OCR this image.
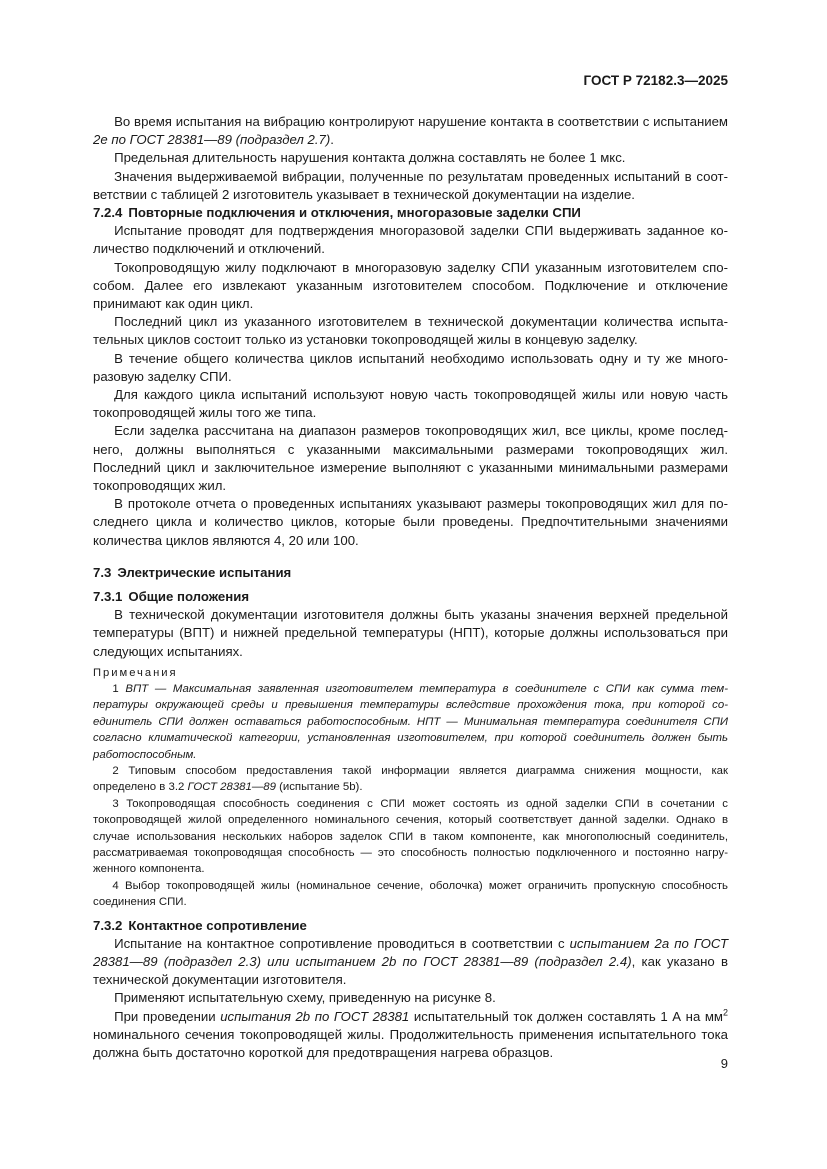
ГОСТ Р 72182.3—2025

Во время испытания на вибрацию контролируют нарушение контакта в соответствии с испытанием 2e по ГОСТ 28381—89 (подраздел 2.7).

Предельная длительность нарушения контакта должна составлять не более 1 мкс.

Значения выдерживаемой вибрации, полученные по результатам проведенных испытаний в соответствии с таблицей 2 изготовитель указывает в технической документации на изделие.

7.2.4 Повторные подключения и отключения, многоразовые заделки СПИ

Испытание проводят для подтверждения многоразовой заделки СПИ выдерживать заданное количество подключений и отключений.

Токопроводящую жилу подключают в многоразовую заделку СПИ указанным изготовителем способом. Далее его извлекают указанным изготовителем способом. Подключение и отключение принимают как один цикл.

Последний цикл из указанного изготовителем в технической документации количества испытательных циклов состоит только из установки токопроводящей жилы в концевую заделку.

В течение общего количества циклов испытаний необходимо использовать одну и ту же многоразовую заделку СПИ.

Для каждого цикла испытаний используют новую часть токопроводящей жилы или новую часть токопроводящей жилы того же типа.

Если заделка рассчитана на диапазон размеров токопроводящих жил, все циклы, кроме последнего, должны выполняться с указанными максимальными размерами токопроводящих жил. Последний цикл и заключительное измерение выполняют с указанными минимальными размерами токопроводящих жил.

В протоколе отчета о проведенных испытаниях указывают размеры токопроводящих жил для последнего цикла и количество циклов, которые были проведены. Предпочтительными значениями количества циклов являются 4, 20 или 100.

7.3 Электрические испытания
7.3.1 Общие положения

В технической документации изготовителя должны быть указаны значения верхней предельной температуры (ВПТ) и нижней предельной температуры (НПТ), которые должны использоваться при следующих испытаниях.

Примечания

1 ВПТ — Максимальная заявленная изготовителем температура в соединителе с СПИ как сумма температуры окружающей среды и превышения температуры вследствие прохождения тока, при которой соединитель СПИ должен оставаться работоспособным. НПТ — Минимальная температура соединителя СПИ согласно климатической категории, установленная изготовителем, при которой соединитель должен быть работоспособным.

2 Типовым способом предоставления такой информации является диаграмма снижения мощности, как определено в 3.2 ГОСТ 28381—89 (испытание 5b).

3 Токопроводящая способность соединения с СПИ может состоять из одной заделки СПИ в сочетании с токопроводящей жилой определенного номинального сечения, который соответствует данной заделки. Однако в случае использования нескольких наборов заделок СПИ в таком компоненте, как многополюсный соединитель, рассматриваемая токопроводящая способность — это способность полностью подключенного и постоянно нагруженного компонента.

4 Выбор токопроводящей жилы (номинальное сечение, оболочка) может ограничить пропускную способность соединения СПИ.

7.3.2 Контактное сопротивление

Испытание на контактное сопротивление проводиться в соответствии с испытанием 2а по ГОСТ 28381—89 (подраздел 2.3) или испытанием 2b по ГОСТ 28381—89 (подраздел 2.4), как указано в технической документации изготовителя.

Применяют испытательную схему, приведенную на рисунке 8.

При проведении испытания 2b по ГОСТ 28381 испытательный ток должен составлять 1 А на $мм^2$ номинального сечения токопроводящей жилы. Продолжительность применения испытательного тока должна быть достаточно короткой для предотвращения нагрева образцов.

9
